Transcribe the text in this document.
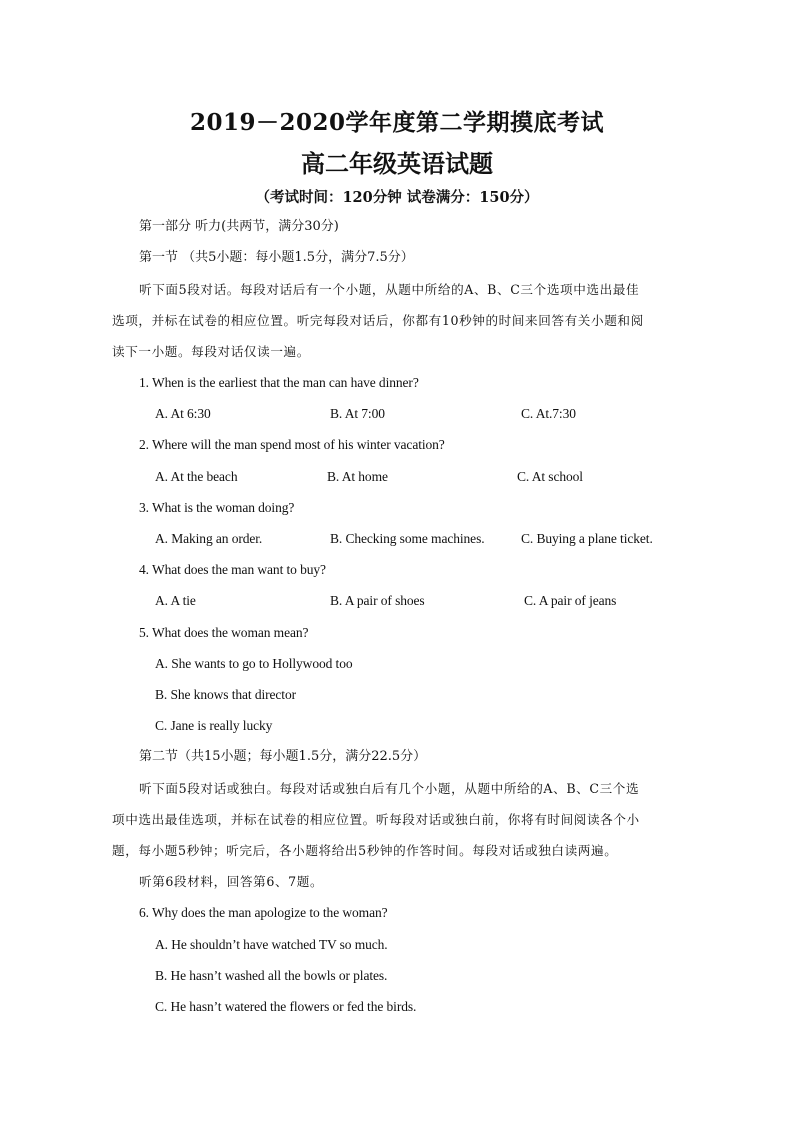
2019－2020学年度第二学期摸底考试
高二年级英语试题
（考试时间：120分钟 试卷满分：150分）
第一部分 听力(共两节，满分30分)
第一节 （共5小题：每小题1.5分，满分7.5分）
听下面5段对话。每段对话后有一个小题，从题中所给的A、B、C三个选项中选出最佳
选项，并标在试卷的相应位置。听完每段对话后，你都有10秒钟的时间来回答有关小题和阅
读下一小题。每段对话仅读一遍。
1. When is the earliest that the man can have dinner?
A. At 6:30	B. At 7:00	C. At.7:30
2. Where will the man spend most of his winter vacation?
A. At the beach	B. At home	C. At school
3. What is the woman doing?
A. Making an order.	B. Checking some machines.	C. Buying a plane ticket.
4. What does the man want to buy?
A. A tie	B. A pair of shoes	C. A pair of jeans
5. What does the woman mean?
A. She wants to go to Hollywood too
B. She knows that director
C. Jane is really lucky
第二节（共15小题；每小题1.5分，满分22.5分）
听下面5段对话或独白。每段对话或独白后有几个小题，从题中所给的A、B、C三个选
项中选出最佳选项，并标在试卷的相应位置。听每段对话或独白前，你将有时间阅读各个小
题，每小题5秒钟；听完后，各小题将给出5秒钟的作答时间。每段对话或独白读两遍。
听第6段材料，回答第6、7题。
6. Why does the man apologize to the woman?
A. He shouldn’t have watched TV so much.
B. He hasn’t washed all the bowls or plates.
C. He hasn’t watered the flowers or fed the birds.
